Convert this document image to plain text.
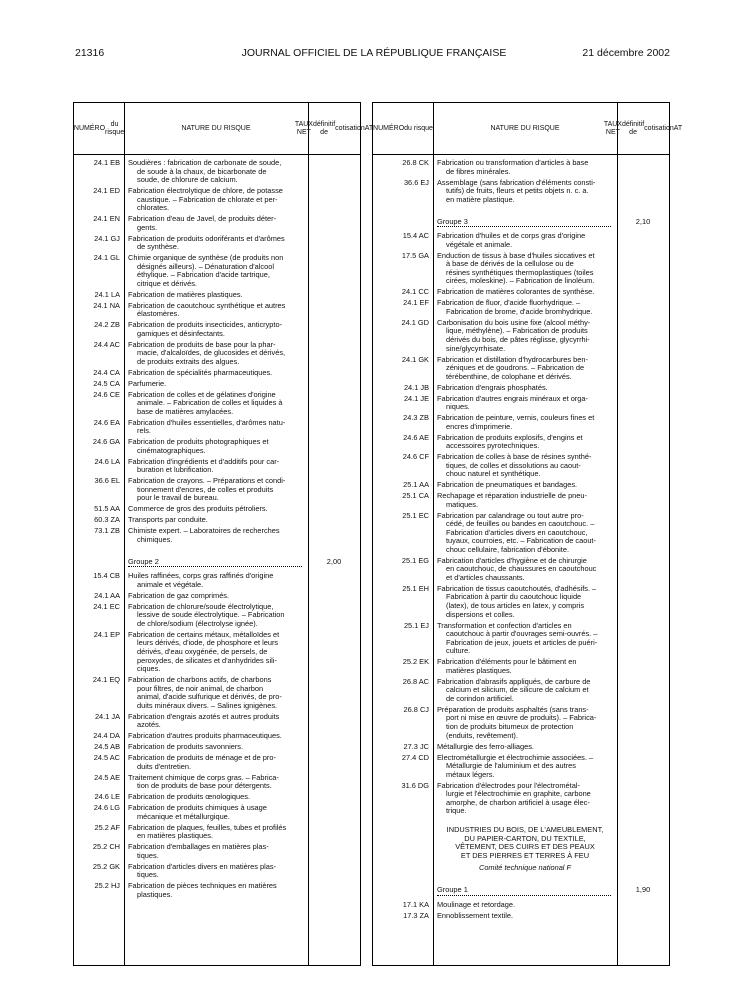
21316	JOURNAL OFFICIEL DE LA RÉPUBLIQUE FRANÇAISE	21 décembre 2002
NUMÉRO

du risque
NATURE DU RISQUE
TAUX NET

définitif de

cotisation AT
24.1 EB Soudières : fabrication de carbonate de soude,
de soude à la chaux, de bicarbonate de
soude, de chlorure de calcium.
24.1 ED Fabrication électrolytique de chlore, de potasse
caustique. – Fabrication de chlorate et per-
chlorates.
24.1 EN Fabrication d'eau de Javel, de produits déter-
gents.
24.1 GJ Fabrication de produits odoriférants et d'arômes
de synthèse.
24.1 GL Chimie organique de synthèse (de produits non
désignés ailleurs). – Dénaturation d'alcool
éthylique. – Fabrication d'acide tartrique,
citrique et dérivés.
24.1 LA Fabrication de matières plastiques.
24.1 NA Fabrication de caoutchouc synthétique et autres
élastomères.
24.2 ZB Fabrication de produits insecticides, anticrypto-
gamiques et désinfectants.
24.4 AC Fabrication de produits de base pour la phar-
macie, d'alcaloïdes, de glucosides et dérivés,
de produits extraits des algues.
24.4 CA Fabrication de spécialités pharmaceutiques.
24.5 CA Parfumerie.
24.6 CE Fabrication de colles et de gélatines d'origine
animale. – Fabrication de colles et liquides à
base de matières amylacées.
24.6 EA Fabrication d'huiles essentielles, d'arômes natu-
rels.
24.6 GA Fabrication de produits photographiques et
cinématographiques.
24.6 LA Fabrication d'ingrédients et d'additifs pour car-
buration et lubrification.
36.6 EL Fabrication de crayons. – Préparations et condi-
tionnement d'encres, de colles et produits
pour le travail de bureau.
51.5 AA Commerce de gros des produits pétroliers.
60.3 ZA Transports par conduite.
73.1 ZB Chimiste expert. – Laboratoires de recherches
chimiques.
Groupe 2	2,00
15.4 CB Huiles raffinées, corps gras raffinés d'origine
animale et végétale.
24.1 AA Fabrication de gaz comprimés.
24.1 EC Fabrication de chlorure/soude électrolytique,
lessive de soude électrolytique. – Fabrication
de chlore/sodium (électrolyse ignée).
24.1 EP Fabrication de certains métaux, métalloïdes et
leurs dérivés, d'iode, de phosphore et leurs
dérivés, d'eau oxygénée, de persels, de
peroxydes, de silicates et d'anhydrides sili-
ciques.
24.1 EQ Fabrication de charbons actifs, de charbons
pour filtres, de noir animal, de charbon
animal, d'acide sulfurique et dérivés, de pro-
duits minéraux divers. – Salines ignigènes.
24.1 JA Fabrication d'engrais azotés et autres produits
azotés.
24.4 DA Fabrication d'autres produits pharmaceutiques.
24.5 AB Fabrication de produits savonniers.
24.5 AC Fabrication de produits de ménage et de pro-
duits d'entretien.
24.5 AE Traitement chimique de corps gras. – Fabrica-
tion de produits de base pour détergents.
24.6 LE Fabrication de produits œnologiques.
24.6 LG Fabrication de produits chimiques à usage
mécanique et métallurgique.
25.2 AF Fabrication de plaques, feuilles, tubes et profilés
en matières plastiques.
25.2 CH Fabrication d'emballages en matières plas-
tiques.
25.2 GK Fabrication d'articles divers en matières plas-
tiques.
25.2 HJ Fabrication de pièces techniques en matières
plastiques.
NUMÉRO du risque	NATURE DU RISQUE
TAUX NET

définitif de

cotisation AT
26.8 CK Fabrication ou transformation d'articles à base
de fibres minérales.
36.6 EJ Assemblage (sans fabrication d'éléments consti-
tutifs) de fruits, fleurs et petits objets n. c. a.
en matière plastique.
Groupe 3	2,10
15.4 AC Fabrication d'huiles et de corps gras d'origine
végétale et animale.
17.5 GA Enduction de tissus à base d'huiles siccatives et
à base de dérivés de la cellulose ou de
résines synthétiques thermoplastiques (toiles
cirées, moleskine). – Fabrication de linoléum.
24.1 CC Fabrication de matières colorantes de synthèse.
24.1 EF Fabrication de fluor, d'acide fluorhydrique. –
Fabrication de brome, d'acide bromhydrique.
24.1 GD Carbonisation du bois usine fixe (alcool méthy-
lique, méthylène). – Fabrication de produits
dérivés du bois, de pâtes réglisse, glycyrrhi-
sine/glycyrrhisate.
24.1 GK Fabrication et distillation d'hydrocarbures ben-
zéniques et de goudrons. – Fabrication de
térébenthine, de colophane et dérivés.
24.1 JB Fabrication d'engrais phosphatés.
24.1 JE Fabrication d'autres engrais minéraux et orga-
niques.
24.3 ZB Fabrication de peinture, vernis, couleurs fines et
encres d'imprimerie.
24.6 AE Fabrication de produits explosifs, d'engins et
accessoires pyrotechniques.
24.6 CF Fabrication de colles à base de résines synthé-
tiques, de colles et dissolutions au caout-
chouc naturel et synthétique.
25.1 AA Fabrication de pneumatiques et bandages.
25.1 CA Rechapage et réparation industrielle de pneu-
matiques.
25.1 EC Fabrication par calandrage ou tout autre pro-
cédé, de feuilles ou bandes en caoutchouc. –
Fabrication d'articles divers en caoutchouc,
tuyaux, courroies, etc. – Fabrication de caout-
chouc cellulaire, fabrication d'ébonite.
25.1 EG Fabrication d'articles d'hygiène et de chirurgie
en caoutchouc, de chaussures en caoutchouc
et d'articles chaussants.
25.1 EH Fabrication de tissus caoutchoutés, d'adhésifs. –
Fabrication à partir du caoutchouc liquide
(latex), de tous articles en latex, y compris
dispersions et colles.
25.1 EJ Transformation et confection d'articles en
caoutchouc à partir d'ouvrages semi-ouvrés. –
Fabrication de jeux, jouets et articles de puéri-
culture.
25.2 EK Fabrication d'éléments pour le bâtiment en
matières plastiques.
26.8 AC Fabrication d'abrasifs appliqués, de carbure de
calcium et silicium, de silicure de calcium et
de corindon artificiel.
26.8 CJ Préparation de produits asphaltés (sans trans-
port ni mise en œuvre de produits). – Fabrica-
tion de produits bitumeux de protection
(enduits, revêtement).
27.3 JC Métallurgie des ferro-alliages.
27.4 CD Electrométallurgie et électrochimie associées. –
Métallurgie de l'aluminium et des autres
métaux légers.
31.6 DG Fabrication d'électrodes pour l'électrométal-
lurgie et l'électrochimie en graphite, carbone
amorphe, de charbon artificiel à usage élec-
trique.
INDUSTRIES DU BOIS, DE L'AMEUBLEMENT,
DU PAPIER-CARTON, DU TEXTILE,
VÊTEMENT, DES CUIRS ET DES PEAUX
ET DES PIERRES ET TERRES À FEU
Comité technique national F
Groupe 1	1,90
17.1 KA Moulinage et retordage.
17.3 ZA Ennoblissement textile.
